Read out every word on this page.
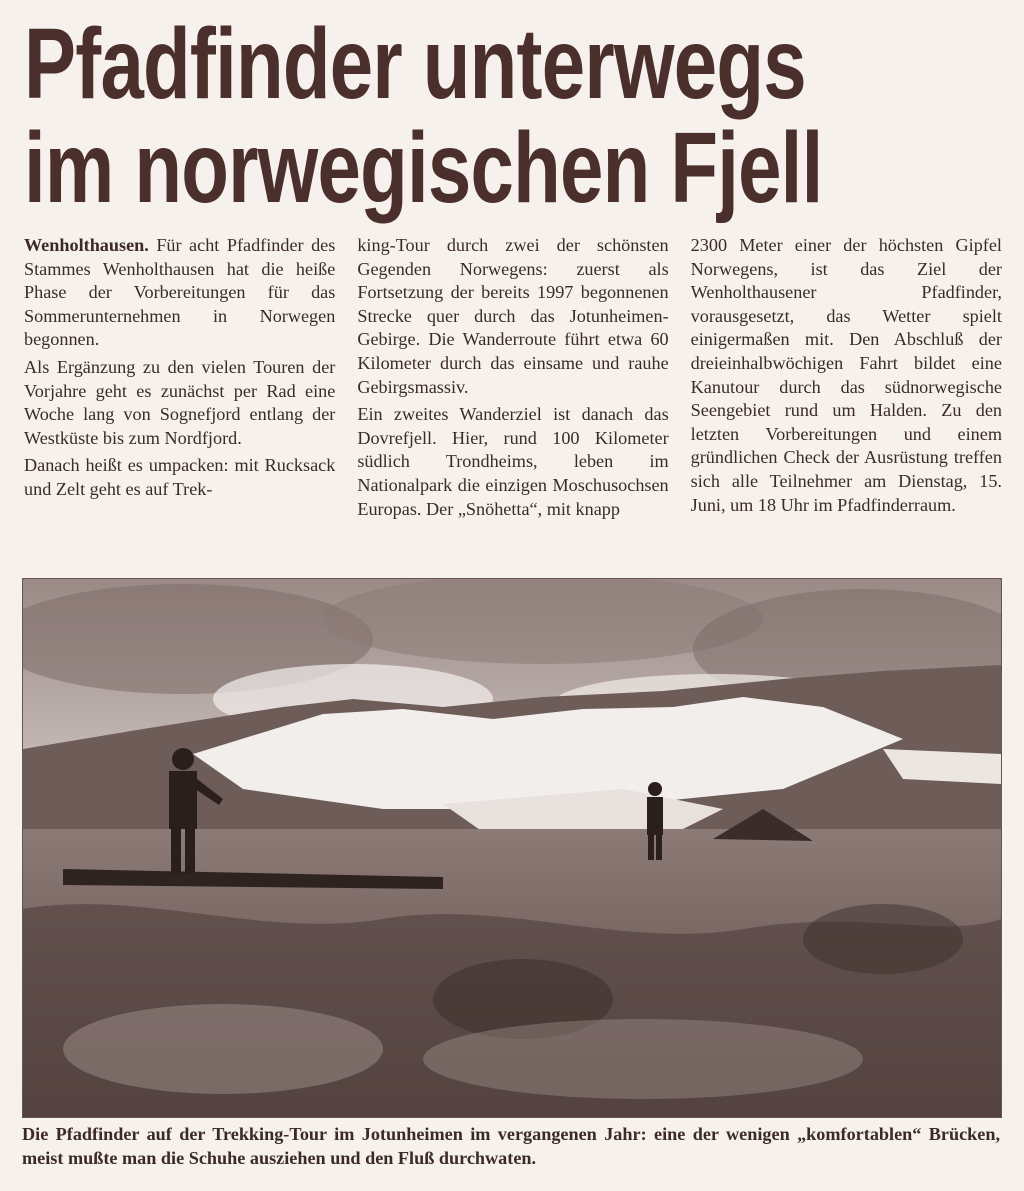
Pfadfinder unterwegs
im norwegischen Fjell

Wenholthausen. Für acht Pfadfinder des Stammes Wenholthausen hat die heiße Phase der Vorbereitungen für das Sommerunternehmen in Norwegen begonnen.

Als Ergänzung zu den vielen Touren der Vorjahre geht es zunächst per Rad eine Woche lang von Sognefjord entlang der Westküste bis zum Nordfjord.

Danach heißt es umpacken: mit Rucksack und Zelt geht es auf Trek-

king-Tour durch zwei der schönsten Gegenden Norwegens: zuerst als Fortsetzung der bereits 1997 begonnenen Strecke quer durch das Jotunheimen-Gebirge. Die Wanderroute führt etwa 60 Kilometer durch das einsame und rauhe Gebirgsmassiv.

Ein zweites Wanderziel ist danach das Dovrefjell. Hier, rund 100 Kilometer südlich Trondheims, leben im Nationalpark die einzigen Moschusochsen Europas. Der „Snöhetta“, mit knapp

2300 Meter einer der höchsten Gipfel Norwegens, ist das Ziel der Wenholthausener Pfadfinder, vorausgesetzt, das Wetter spielt einigermaßen mit. Den Abschluß der dreieinhalbwöchigen Fahrt bildet eine Kanutour durch das südnorwegische Seengebiet rund um Halden. Zu den letzten Vorbereitungen und einem gründlichen Check der Ausrüstung treffen sich alle Teilnehmer am Dienstag, 15. Juni, um 18 Uhr im Pfadfinderraum.

Die Pfadfinder auf der Trekking-Tour im Jotunheimen im vergangenen Jahr: eine der wenigen „komfortablen“ Brücken, meist mußte man die Schuhe ausziehen und den Fluß durchwaten.
